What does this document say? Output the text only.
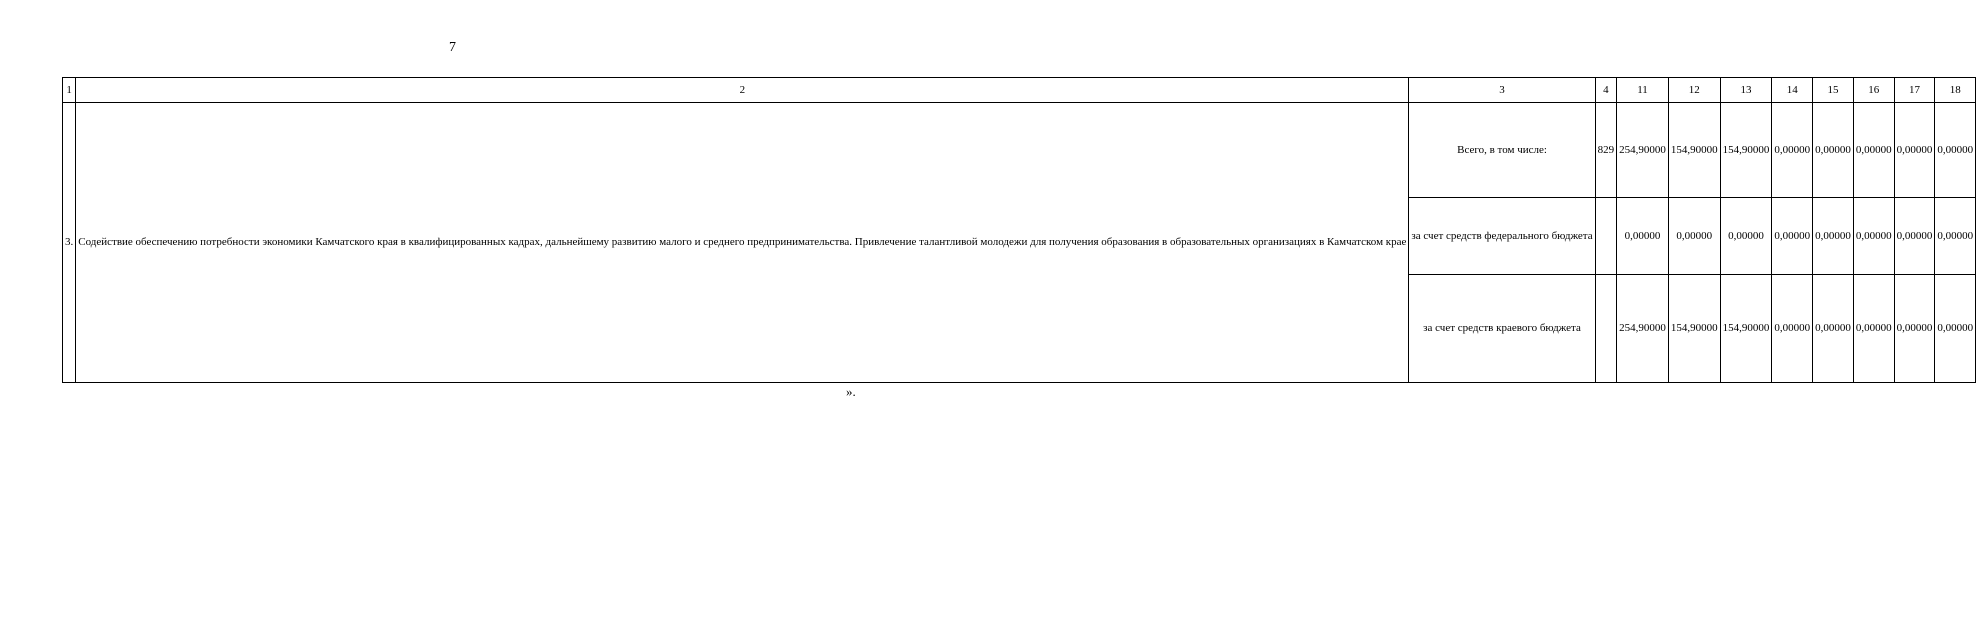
7
1	2	3	4	11	12	13	14	15	16	17	18
3.	Содействие обеспечению потребности экономики Камчатского края в квалифицированных кадрах, дальнейшему развитию малого и среднего предпринимательства. Привлечение талантливой молодежи для получения образования в образовательных организациях в Камчатском крае	Всего, в том числе:	829	254,90000	154,90000	154,90000	0,00000	0,00000	0,00000	0,00000	0,00000
		за счет средств федерального бюджета		0,00000	0,00000	0,00000	0,00000	0,00000	0,00000	0,00000	0,00000
		за счет средств краевого бюджета		254,90000	154,90000	154,90000	0,00000	0,00000	0,00000	0,00000	0,00000
».
